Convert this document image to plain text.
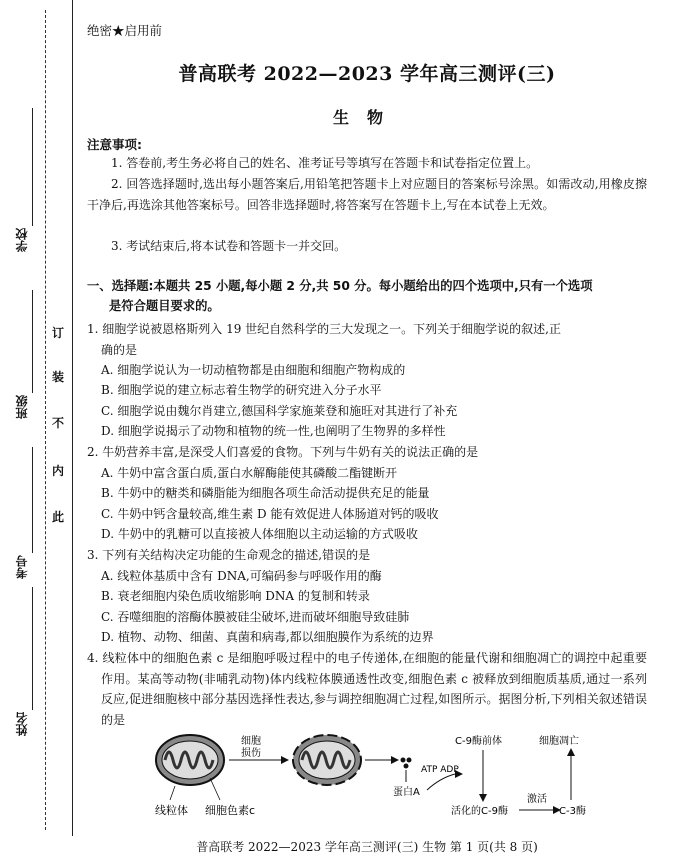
学校
班级
考号
姓名
订
装
不
内
此
绝密★启用前
普高联考 2022—2023 学年高三测评(三)
生物
注意事项:
1. 答卷前,考生务必将自己的姓名、准考证号等填写在答题卡和试卷指定位置上。
2. 回答选择题时,选出每小题答案后,用铅笔把答题卡上对应题目的答案标号涂黑。如需改动,用橡皮擦干净后,再选涂其他答案标号。回答非选择题时,将答案写在答题卡上,写在本试卷上无效。
3. 考试结束后,将本试卷和答题卡一并交回。
一、选择题:本题共 25 小题,每小题 2 分,共 50 分。每小题给出的四个选项中,只有一个选项
是符合题目要求的。
1. 细胞学说被恩格斯列入 19 世纪自然科学的三大发现之一。下列关于细胞学说的叙述,正
确的是
A. 细胞学说认为一切动植物都是由细胞和细胞产物构成的
B. 细胞学说的建立标志着生物学的研究进入分子水平
C. 细胞学说由魏尔肖建立,德国科学家施莱登和施旺对其进行了补充
D. 细胞学说揭示了动物和植物的统一性,也阐明了生物界的多样性
2. 牛奶营养丰富,是深受人们喜爱的食物。下列与牛奶有关的说法正确的是
A. 牛奶中富含蛋白质,蛋白水解酶能使其磷酸二酯键断开
B. 牛奶中的糖类和磷脂能为细胞各项生命活动提供充足的能量
C. 牛奶中钙含量较高,维生素 D 能有效促进人体肠道对钙的吸收
D. 牛奶中的乳糖可以直接被人体细胞以主动运输的方式吸收
3. 下列有关结构决定功能的生命观念的描述,错误的是
A. 线粒体基质中含有 DNA,可编码参与呼吸作用的酶
B. 衰老细胞内染色质收缩影响 DNA 的复制和转录
C. 吞噬细胞的溶酶体膜被硅尘破坏,进而破坏细胞导致硅肺
D. 植物、动物、细菌、真菌和病毒,都以细胞膜作为系统的边界
4. 线粒体中的细胞色素 c 是细胞呼吸过程中的电子传递体,在细胞的能量代谢和细胞凋亡的调控中起重要作用。某高等动物(非哺乳动物)体内线粒体膜通透性改变,细胞色素 c 被释放到细胞质基质,通过一系列反应,促进细胞核中部分基因选择性表达,参与调控细胞凋亡过程,如图所示。据图分析,下列相关叙述错误的是
线粒体 细胞色素c
细胞
损伤
蛋白A
ATP ADP
C-9酶前体
活化的C-9酶
激活
C-3酶
细胞凋亡
普高联考 2022—2023 学年高三测评(三) 生物 第 1 页(共 8 页)
